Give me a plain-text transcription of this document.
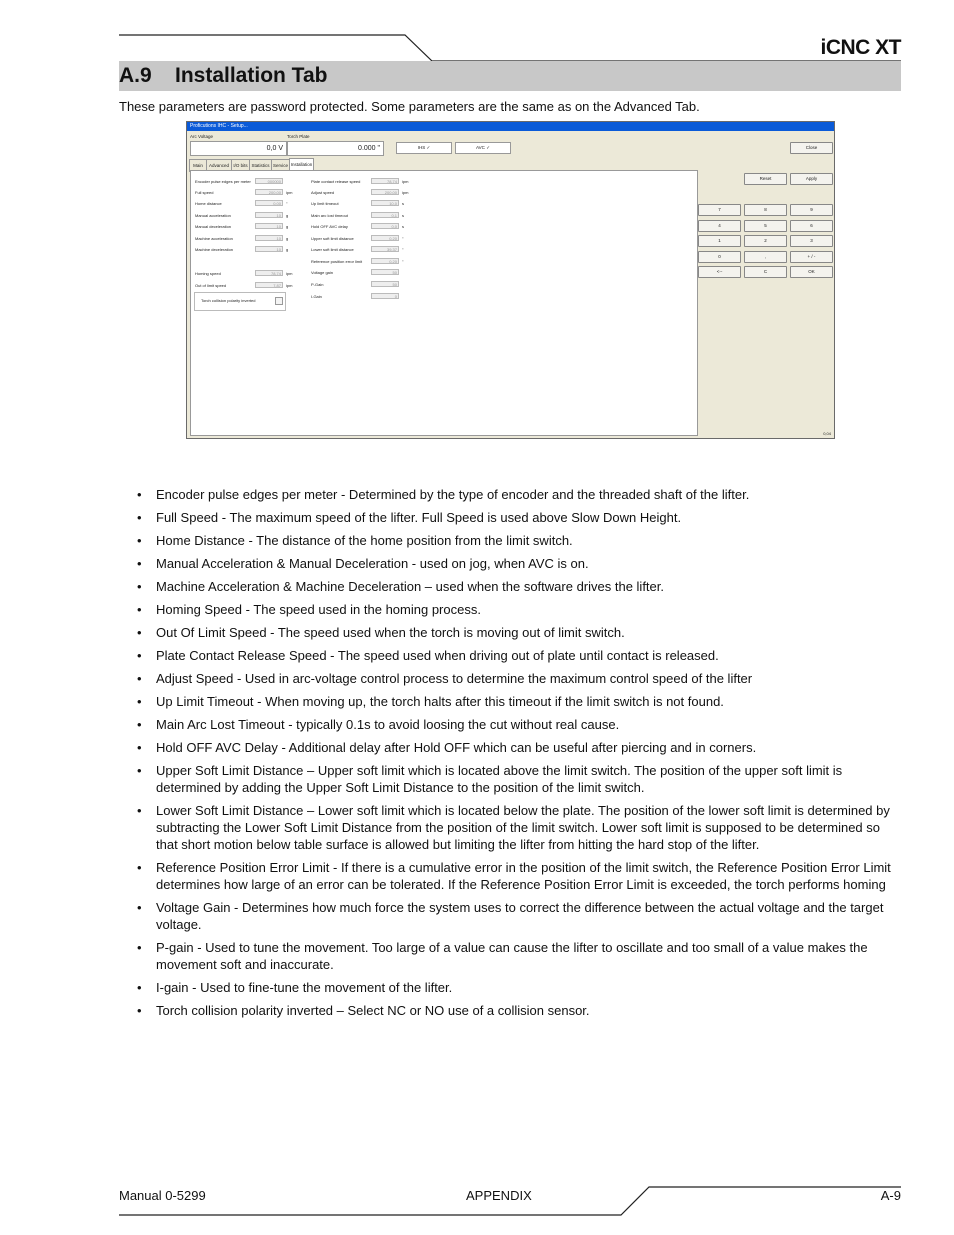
iCNC XT
A.9 Installation Tab
These parameters are password protected. Some parameters are the same as on the Advanced Tab.
Proficutions IHC - Setup...
Arc Voltage
0,0 V
Torch Plate
0.000 "	IHS ✓	AVC ✓	Close
Reset	Apply
Main	Advanced I/O bits Statistics Service Installation
Encoder pulse edges per meter	000000
Full speed	200,00	ipm
Home distance	0,00	"
Manual acceleration	10	g
Manual deceleration	10	g
Machine acceleration	10	g
Machine deceleration	10	g
Homing speed	78,74	ipm
Out of limit speed	7,87	ipm
Torch collision polarity inverted
Plate contact release speed	78,74	ipm
Adjust speed	200,00	ipm
Up limit timeout	10,0	s
Main arc lost timeout	0,1	s
Hold OFF AVC delay	0,0	s
Upper soft limit distance	0,20	"
Lower soft limit distance	39,37	"
Reference position error limit	0,20	"
Voltage gain	50
P-Gain	50
I-Gain	0
7	8	9
4	5	6
1	2	3
0	,	+ / -
<--	C	OK
0,04
• Encoder pulse edges per meter - Determined by the type of encoder and the threaded shaft of the lifter.
• Full Speed - The maximum speed of the lifter. Full Speed is used above Slow Down Height.
• Home Distance - The distance of the home position from the limit switch.
• Manual Acceleration & Manual Deceleration - used on jog, when AVC is on.
• Machine Acceleration & Machine Deceleration – used when the software drives the lifter.
• Homing Speed - The speed used in the homing process.
• Out Of Limit Speed - The speed used when the torch is moving out of limit switch.
• Plate Contact Release Speed - The speed used when driving out of plate until contact is released.
• Adjust Speed - Used in arc-voltage control process to determine the maximum control speed of the lifter
• Up Limit Timeout - When moving up, the torch halts after this timeout if the limit switch is not found.
• Main Arc Lost Timeout - typically 0.1s to avoid loosing the cut without real cause.
• Hold OFF AVC Delay - Additional delay after Hold OFF which can be useful after piercing and in corners.
• Upper Soft Limit Distance – Upper soft limit which is located above the limit switch. The position of the upper soft limit is determined by adding the Upper Soft Limit Distance to the position of the limit switch.
• Lower Soft Limit Distance – Lower soft limit which is located below the plate. The position of the lower soft limit is determined by subtracting the Lower Soft Limit Distance from the position of the limit switch. Lower soft limit is supposed to be determined so that short motion below table surface is allowed but limiting the lifter from hitting the hard stop of the lifter.
• Reference Position Error Limit - If there is a cumulative error in the position of the limit switch, the Reference Position Error Limit determines how large of an error can be tolerated. If the Reference Position Error Limit is exceeded, the torch performs homing
• Voltage Gain - Determines how much force the system uses to correct the difference between the actual voltage and the target voltage.
• P-gain - Used to tune the movement. Too large of a value can cause the lifter to oscillate and too small of a value makes the movement soft and inaccurate.
• I-gain - Used to fine-tune the movement of the lifter.
• Torch collision polarity inverted – Select NC or NO use of a collision sensor.
Manual 0-5299	APPENDIX	A-9
